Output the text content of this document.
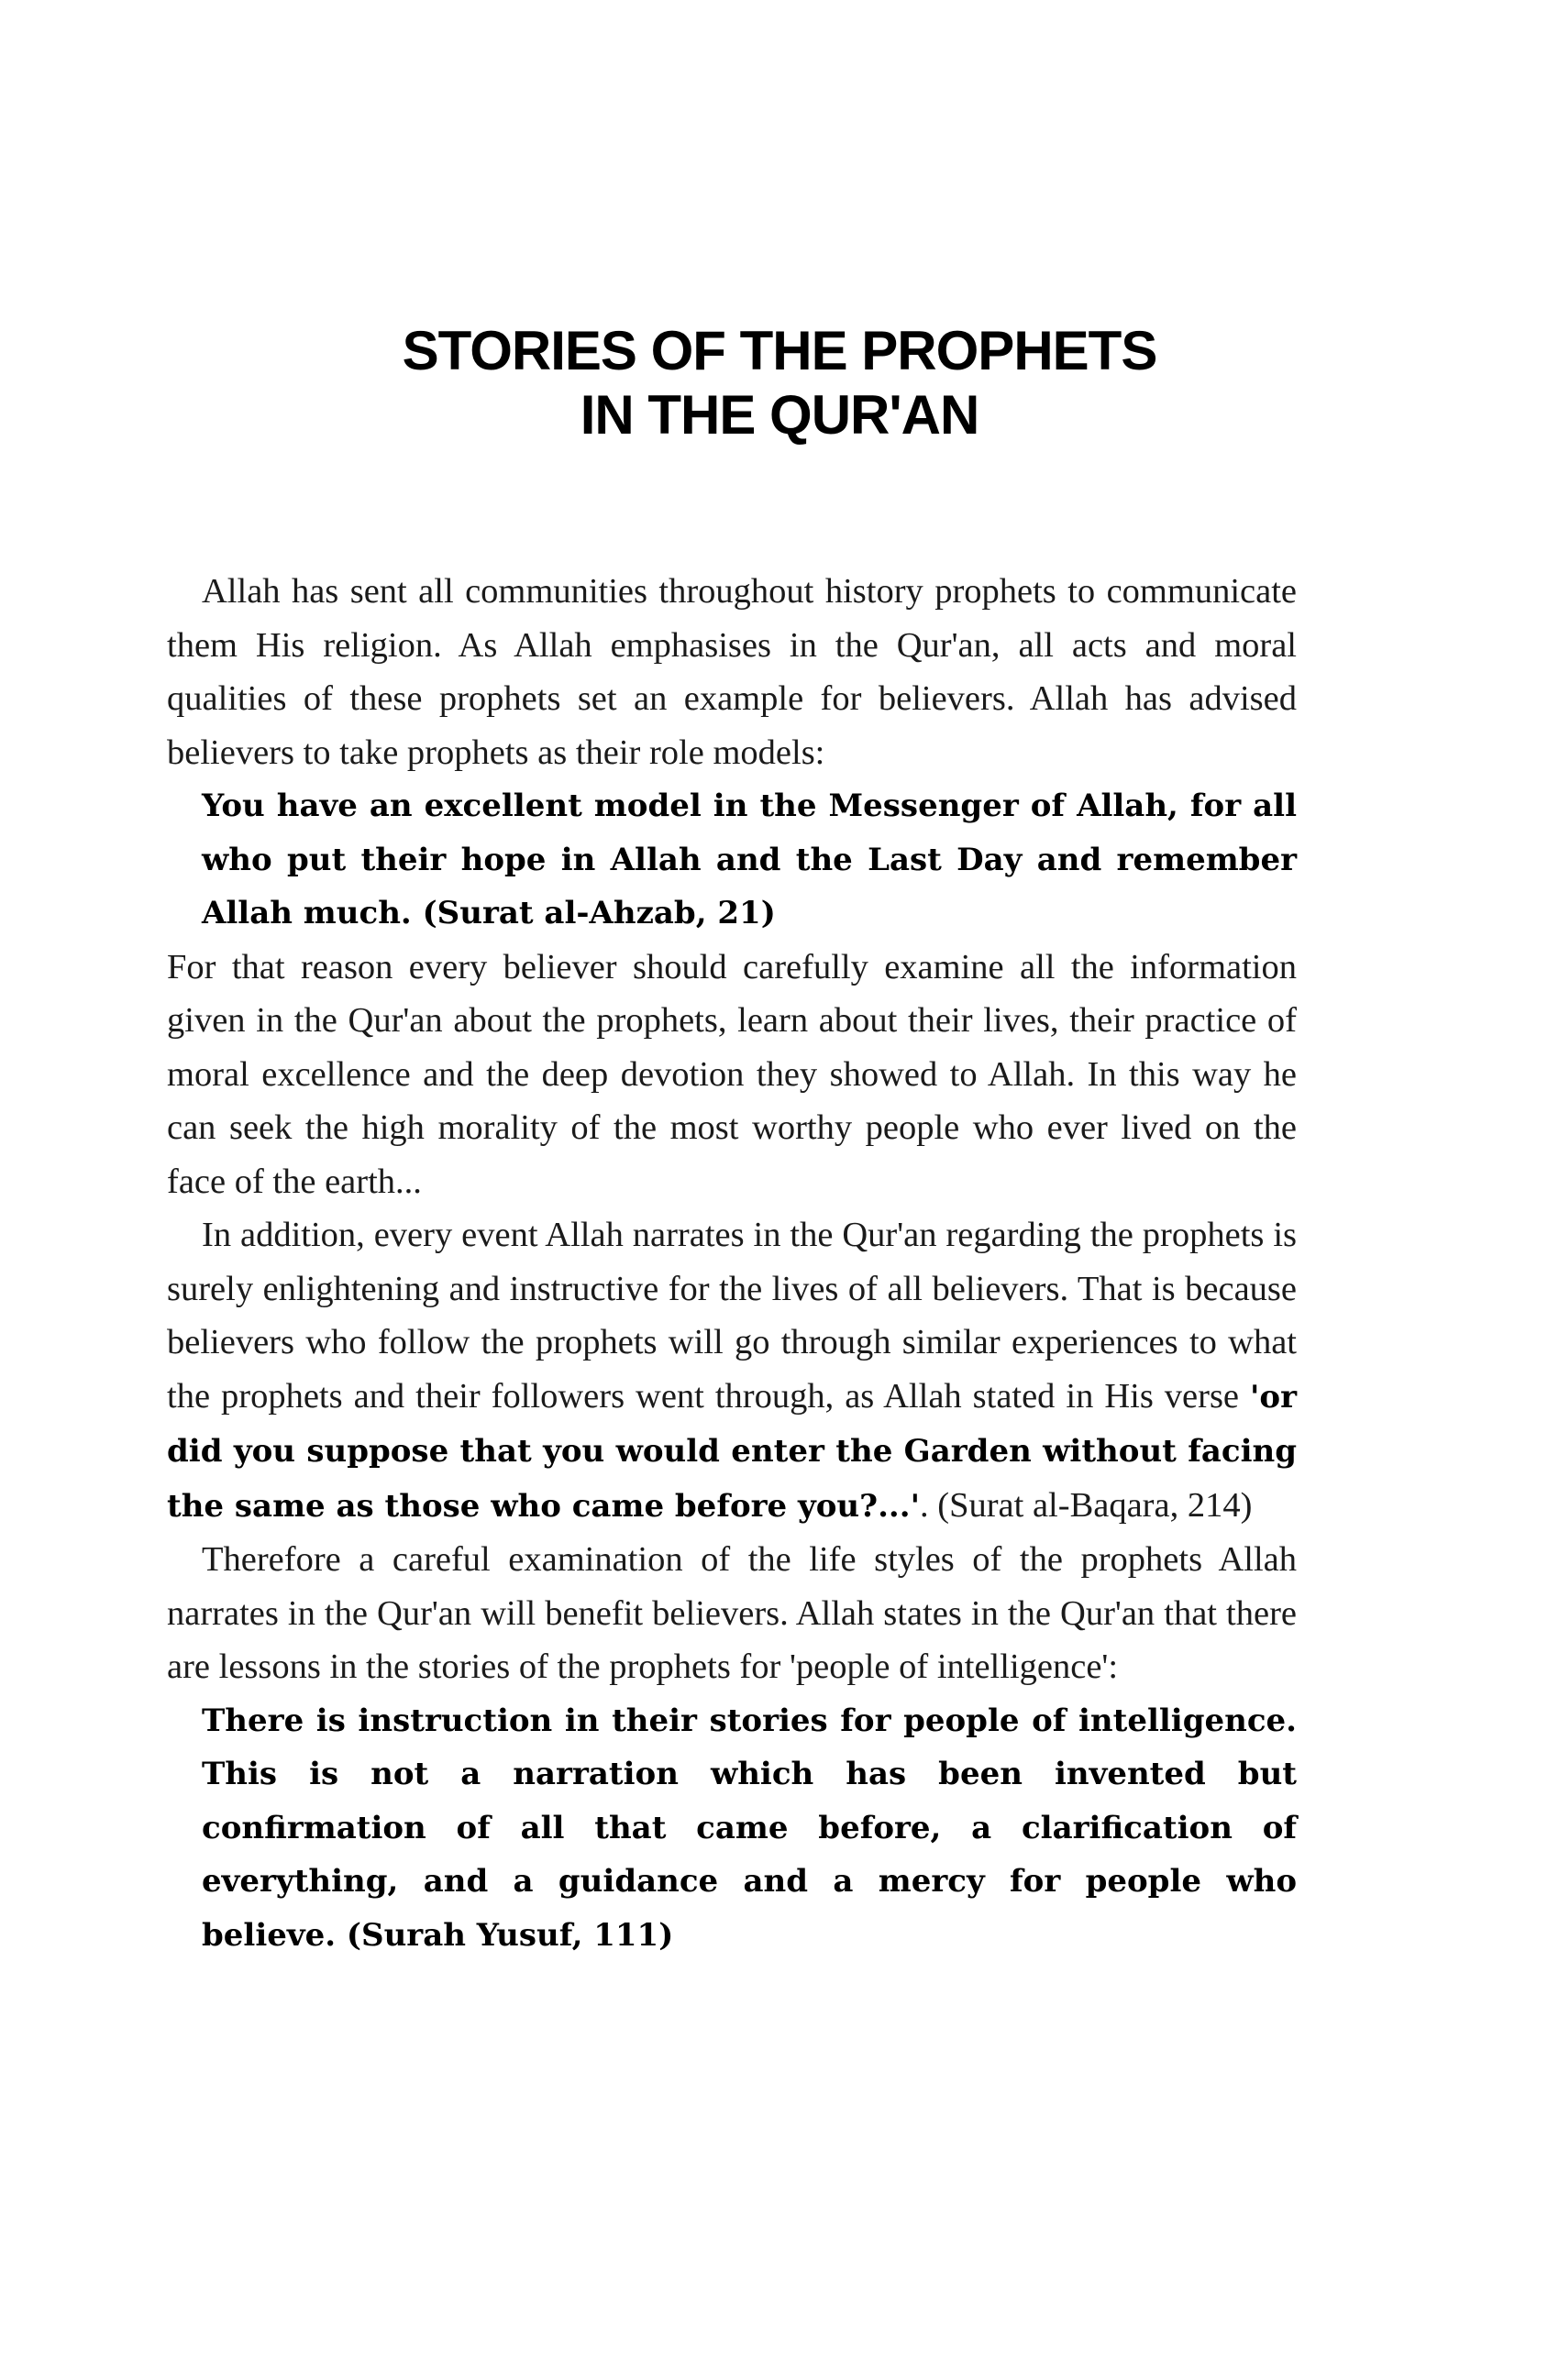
STORIES OF THE PROPHETS
IN THE QUR'AN

Allah has sent all communities throughout history prophets to communicate them His religion. As Allah emphasises in the Qur'an, all acts and moral qualities of these prophets set an example for believers. Allah has advised believers to take prophets as their role models:

You have an excellent model in the Messenger of Allah, for all who put their hope in Allah and the Last Day and remember Allah much. (Surat al-Ahzab, 21)

For that reason every believer should carefully examine all the information given in the Qur'an about the prophets, learn about their lives, their practice of moral excellence and the deep devotion they showed to Allah. In this way he can seek the high morality of the most worthy people who ever lived on the face of the earth...

In addition, every event Allah narrates in the Qur'an regarding the prophets is surely enlightening and instructive for the lives of all believers. That is because believers who follow the prophets will go through similar experiences to what the prophets and their followers went through, as Allah stated in His verse 'or did you suppose that you would enter the Garden without facing the same as those who came before you?...'. (Surat al-Baqara, 214)

Therefore a careful examination of the life styles of the prophets Allah narrates in the Qur'an will benefit believers. Allah states in the Qur'an that there are lessons in the stories of the prophets for 'people of intelligence':

There is instruction in their stories for people of intelligence. This is not a narration which has been invented but confirmation of all that came before, a clarification of everything, and a guidance and a mercy for people who believe. (Surah Yusuf, 111)
